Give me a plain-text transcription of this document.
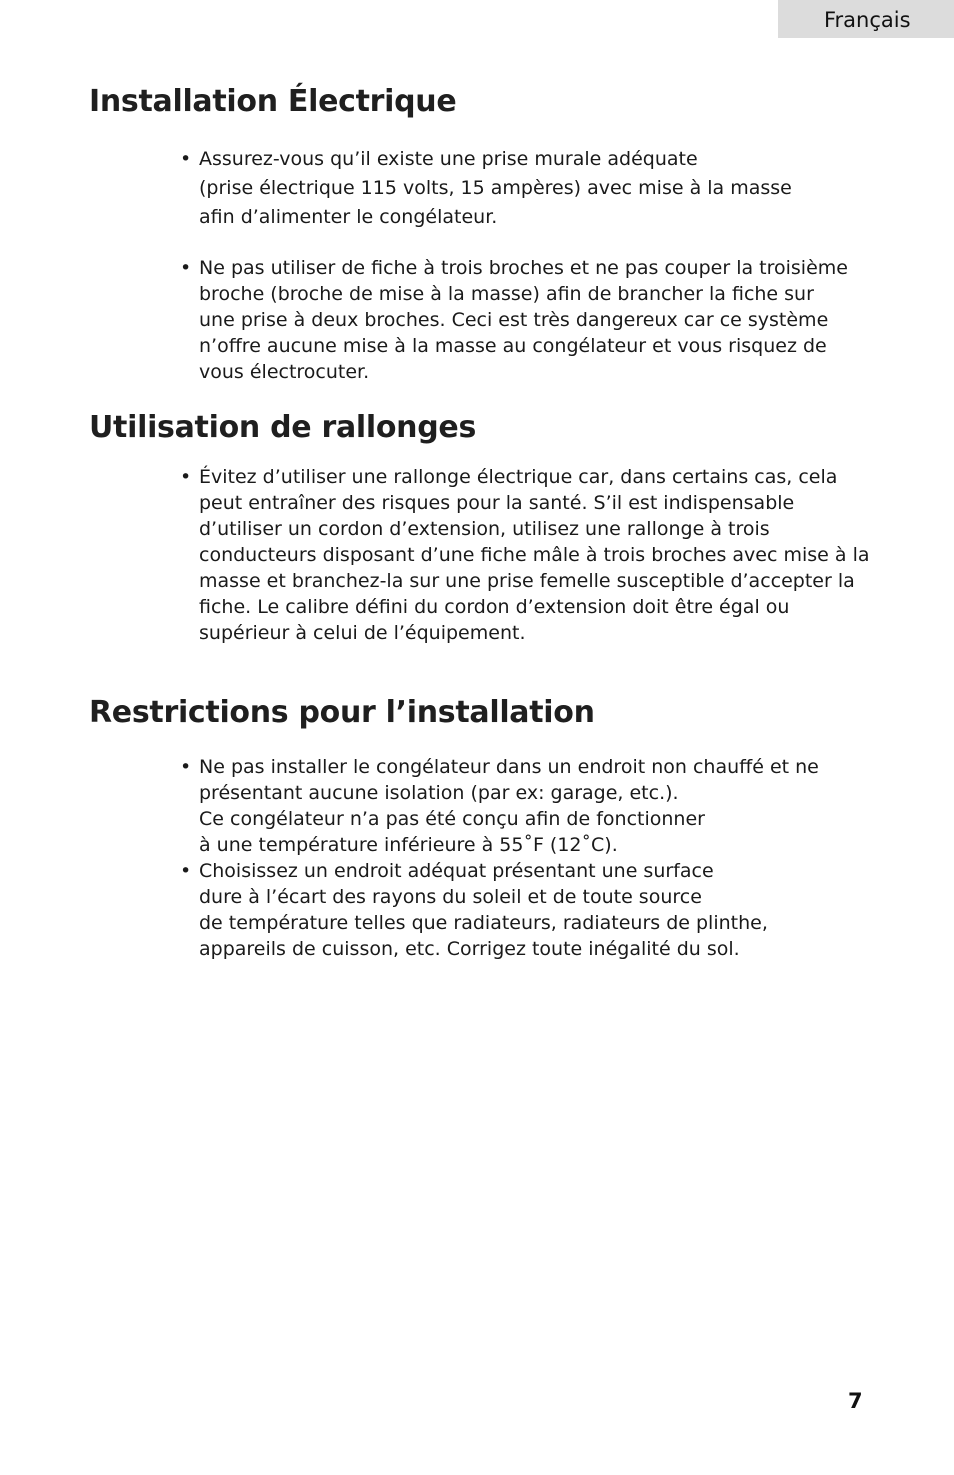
Français
Installation Électrique
• Assurez-vous qu’il existe une prise murale adéquate
(prise électrique 115 volts, 15 ampères) avec mise à la masse
afin d’alimenter le congélateur.
• Ne pas utiliser de fiche à trois broches et ne pas couper la troisième
broche (broche de mise à la masse) afin de brancher la fiche sur
une prise à deux broches. Ceci est très dangereux car ce système
n’offre aucune mise à la masse au congélateur et vous risquez de
vous électrocuter.
Utilisation de rallonges
• Évitez d’utiliser une rallonge électrique car, dans certains cas, cela
peut entraîner des risques pour la santé. S’il est indispensable
d’utiliser un cordon d’extension, utilisez une rallonge à trois
conducteurs disposant d’une fiche mâle à trois broches avec mise à la
masse et branchez-la sur une prise femelle susceptible d’accepter la
fiche. Le calibre défini du cordon d’extension doit être égal ou
supérieur à celui de l’équipement.
Restrictions pour l’installation
• Ne pas installer le congélateur dans un endroit non chauffé et ne
présentant aucune isolation (par ex: garage, etc.).
Ce congélateur n’a pas été conçu afin de fonctionner
à une température inférieure à 55˚F (12˚C).
• Choisissez un endroit adéquat présentant une surface
dure à l’écart des rayons du soleil et de toute source
de température telles que radiateurs, radiateurs de plinthe,
appareils de cuisson, etc. Corrigez toute inégalité du sol.
7
